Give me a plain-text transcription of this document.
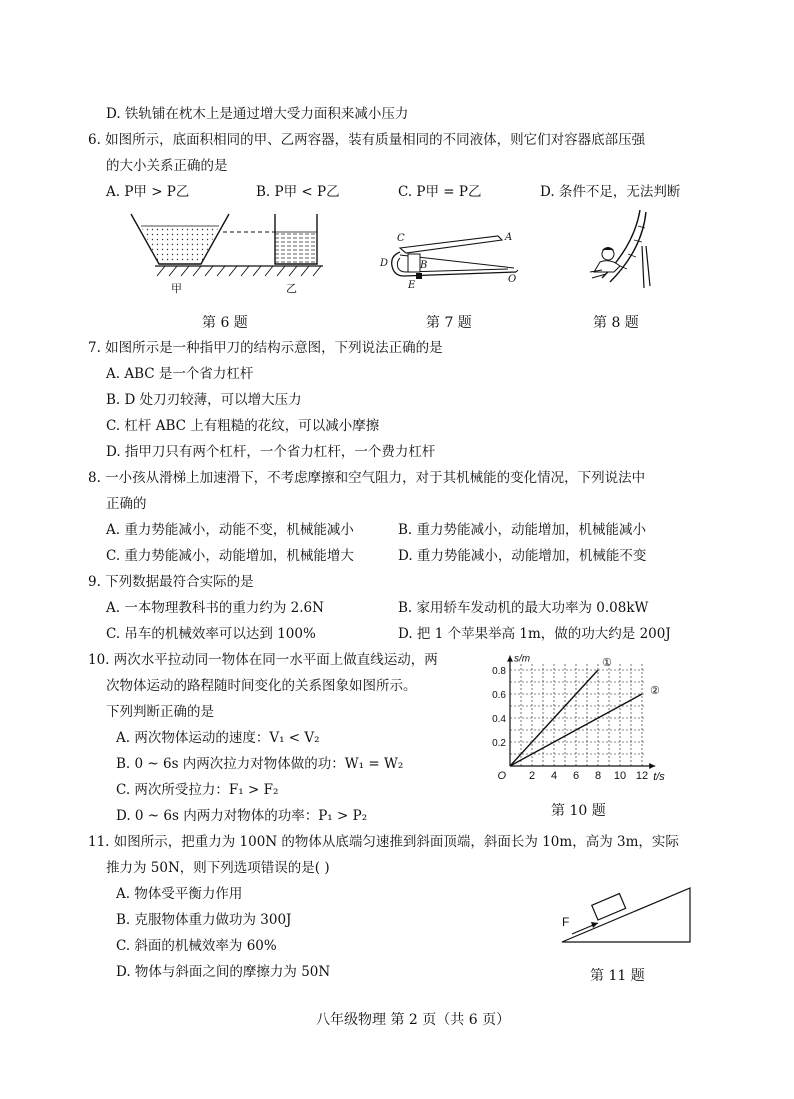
D. 铁轨铺在枕木上是通过增大受力面积来减小压力
6. 如图所示，底面积相同的甲、乙两容器，装有质量相同的不同液体，则它们对容器底部压强
的大小关系正确的是
A. P甲 > P乙	B. P甲 < P乙	C. P甲 = P乙	D. 条件不足，无法判断
甲	乙
第 6 题
C	A
D	B
E
O
第 7 题	第 8 题
7. 如图所示是一种指甲刀的结构示意图，下列说法正确的是
A. ABC 是一个省力杠杆
B. D 处刀刃较薄，可以增大压力
C. 杠杆 ABC 上有粗糙的花纹，可以减小摩擦
D. 指甲刀只有两个杠杆，一个省力杠杆，一个费力杠杆
8. 一小孩从滑梯上加速滑下，不考虑摩擦和空气阻力，对于其机械能的变化情况，下列说法中
正确的
A. 重力势能减小，动能不变，机械能减小	B. 重力势能减小，动能增加，机械能减小
C. 重力势能减小，动能增加，机械能增大	D. 重力势能减小，动能增加，机械能不变
9. 下列数据最符合实际的是
A. 一本物理教科书的重力约为 2.6N	B. 家用轿车发动机的最大功率为 0.08kW
C. 吊车的机械效率可以达到 100%	D. 把 1 个苹果举高 1m，做的功大约是 200J
10. 两次水平拉动同一物体在同一水平面上做直线运动，两
次物体运动的路程随时间变化的关系图象如图所示。
下列判断正确的是
A. 两次物体运动的速度：V₁ < V₂
B. 0 ~ 6s 内两次拉力对物体做的功：W₁ = W₂
C. 两次所受拉力：F₁ > F₂
D. 0 ~ 6s 内两力对物体的功率：P₁ > P₂
①
②
2 4 6 8 10 12
0.2
0.4
0.6
0.8
O	t/s
s/m
第 10 题
11. 如图所示，把重力为 100N 的物体从底端匀速推到斜面顶端，斜面长为 10m，高为 3m，实际
推力为 50N，则下列选项错误的是( )
A. 物体受平衡力作用
B. 克服物体重力做功为 300J
C. 斜面的机械效率为 60%
D. 物体与斜面之间的摩擦力为 50N
F
第 11 题
八年级物理 第 2 页（共 6 页）
